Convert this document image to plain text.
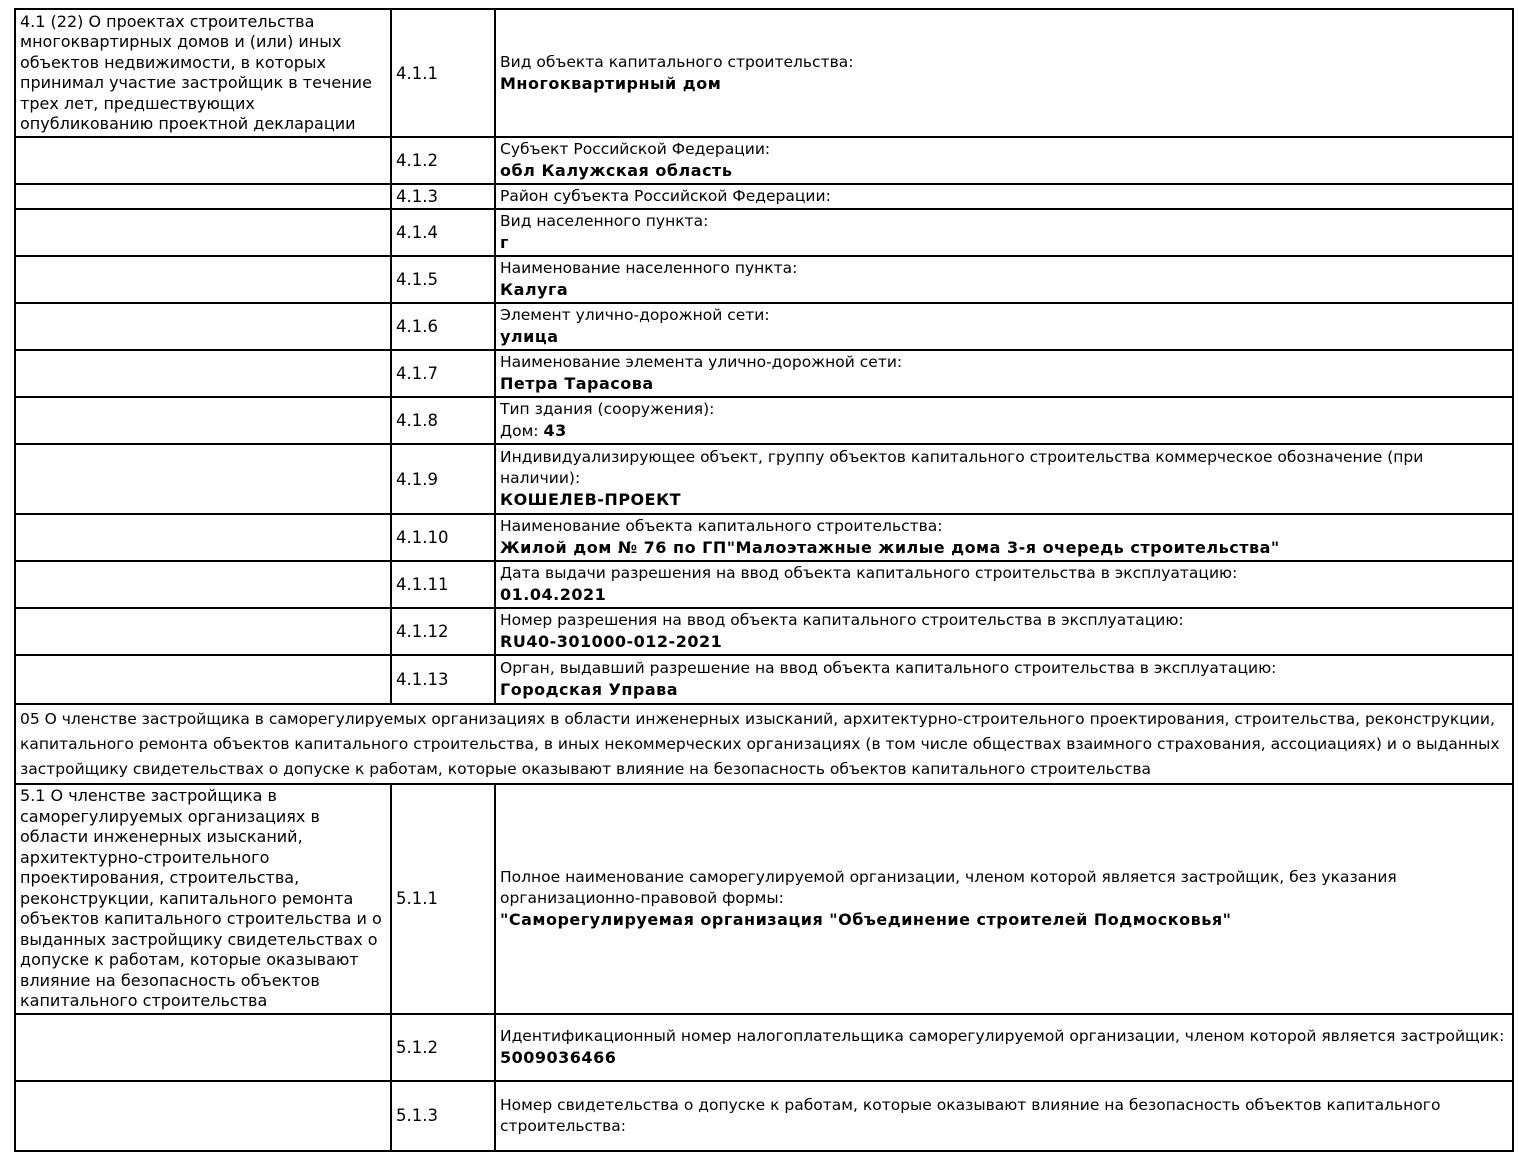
4.1 (22) О проектах строительства многоквартирных домов и (или) иных объектов недвижимости, в которых принимал участие застройщик в течение трех лет, предшествующих опубликованию проектной декларации	4.1.1	Вид объекта капитального строительства:
Многоквартирный дом

	4.1.2	Субъект Российской Федерации:
обл Калужская область

	4.1.3	Район субъекта Российской Федерации:

	4.1.4	Вид населенного пункта:
г

	4.1.5	Наименование населенного пункта:
Калуга

	4.1.6	Элемент улично-дорожной сети:
улица

	4.1.7	Наименование элемента улично-дорожной сети:
Петра Тарасова

	4.1.8	Тип здания (сооружения):
Дом: 43

	4.1.9	Индивидуализирующее объект, группу объектов капитального строительства коммерческое обозначение (при наличии):
КОШЕЛЕВ-ПРОЕКТ

	4.1.10	Наименование объекта капитального строительства:
Жилой дом № 76 по ГП"Малоэтажные жилые дома 3-я очередь строительства"

	4.1.11	Дата выдачи разрешения на ввод объекта капитального строительства в эксплуатацию:
01.04.2021

	4.1.12	Номер разрешения на ввод объекта капитального строительства в эксплуатацию:
RU40-301000-012-2021

	4.1.13	Орган, выдавший разрешение на ввод объекта капитального строительства в эксплуатацию:
Городская Управа

05 О членстве застройщика в саморегулируемых организациях в области инженерных изысканий, архитектурно-строительного проектирования, строительства, реконструкции, капитального ремонта объектов капитального строительства, в иных некоммерческих организациях (в том числе обществах взаимного страхования, ассоциациях) и о выданных застройщику свидетельствах о допуске к работам, которые оказывают влияние на безопасность объектов капитального строительства		
5.1 О членстве застройщика в саморегулируемых организациях в области инженерных изысканий, архитектурно-строительного проектирования, строительства, реконструкции, капитального ремонта объектов капитального строительства и о выданных застройщику свидетельствах о допуске к работам, которые оказывают влияние на безопасность объектов капитального строительства	5.1.1	Полное наименование саморегулируемой организации, членом которой является застройщик, без указания организационно-правовой формы:
"Саморегулируемая организация "Объединение строителей Подмосковья"

	5.1.2	Идентификационный номер налогоплательщика саморегулируемой организации, членом которой является застройщик:
5009036466

	5.1.3	Номер свидетельства о допуске к работам, которые оказывают влияние на безопасность объектов капитального строительства:
